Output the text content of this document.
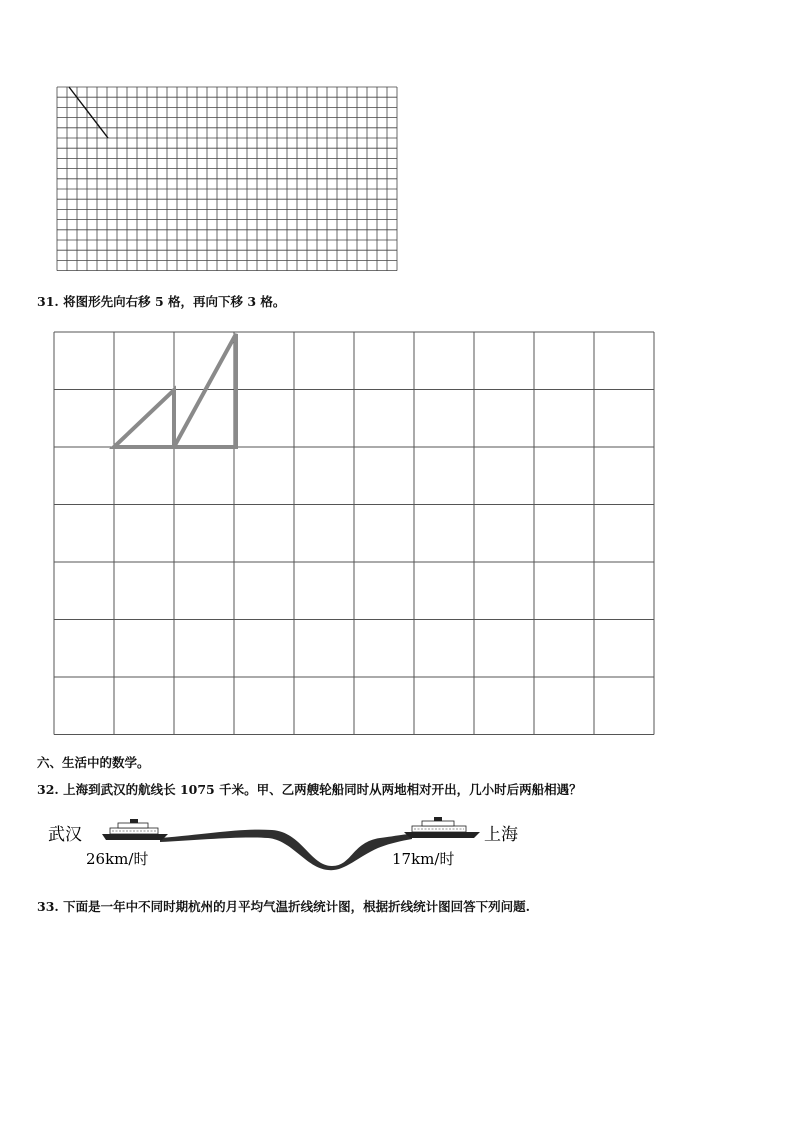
31. 将图形先向右移 5 格，再向下移 3 格。
六、生活中的数学。
32. 上海到武汉的航线长 1075 千米。甲、乙两艘轮船同时从两地相对开出，几小时后两船相遇？
武汉
26km/时
上海
17km/时
33. 下面是一年中不同时期杭州的月平均气温折线统计图，根据折线统计图回答下列问题.
